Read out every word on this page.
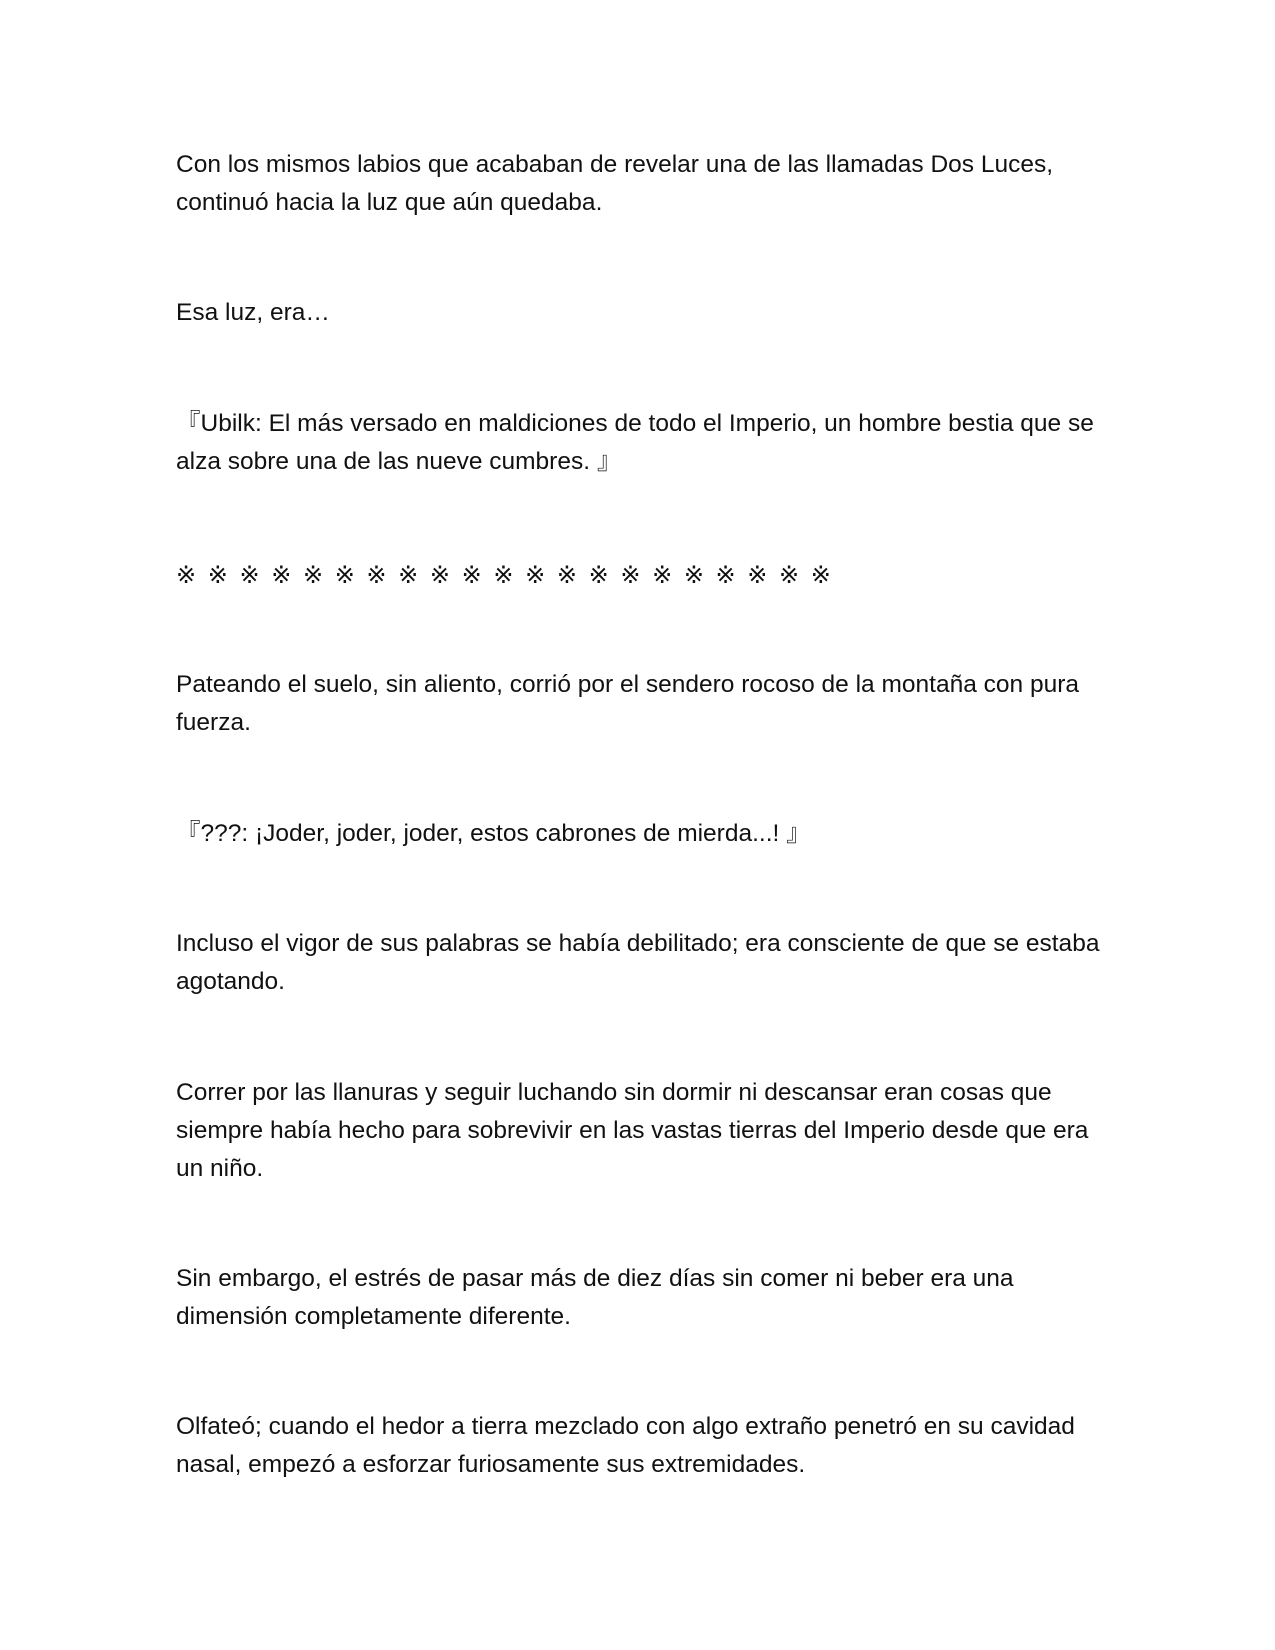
Con los mismos labios que acababan de revelar una de las llamadas Dos Luces, continuó hacia la luz que aún quedaba.

Esa luz, era…

『Ubilk: El más versado en maldiciones de todo el Imperio, un hombre bestia que se alza sobre una de las nueve cumbres. 』

※ ※ ※ ※ ※ ※ ※ ※ ※ ※ ※ ※ ※ ※ ※ ※ ※ ※ ※ ※ ※

Pateando el suelo, sin aliento, corrió por el sendero rocoso de la montaña con pura fuerza.

『???: ¡Joder, joder, joder, estos cabrones de mierda...! 』

Incluso el vigor de sus palabras se había debilitado; era consciente de que se estaba agotando.

Correr por las llanuras y seguir luchando sin dormir ni descansar eran cosas que siempre había hecho para sobrevivir en las vastas tierras del Imperio desde que era un niño.

Sin embargo, el estrés de pasar más de diez días sin comer ni beber era una dimensión completamente diferente.

Olfateó; cuando el hedor a tierra mezclado con algo extraño penetró en su cavidad nasal, empezó a esforzar furiosamente sus extremidades.
